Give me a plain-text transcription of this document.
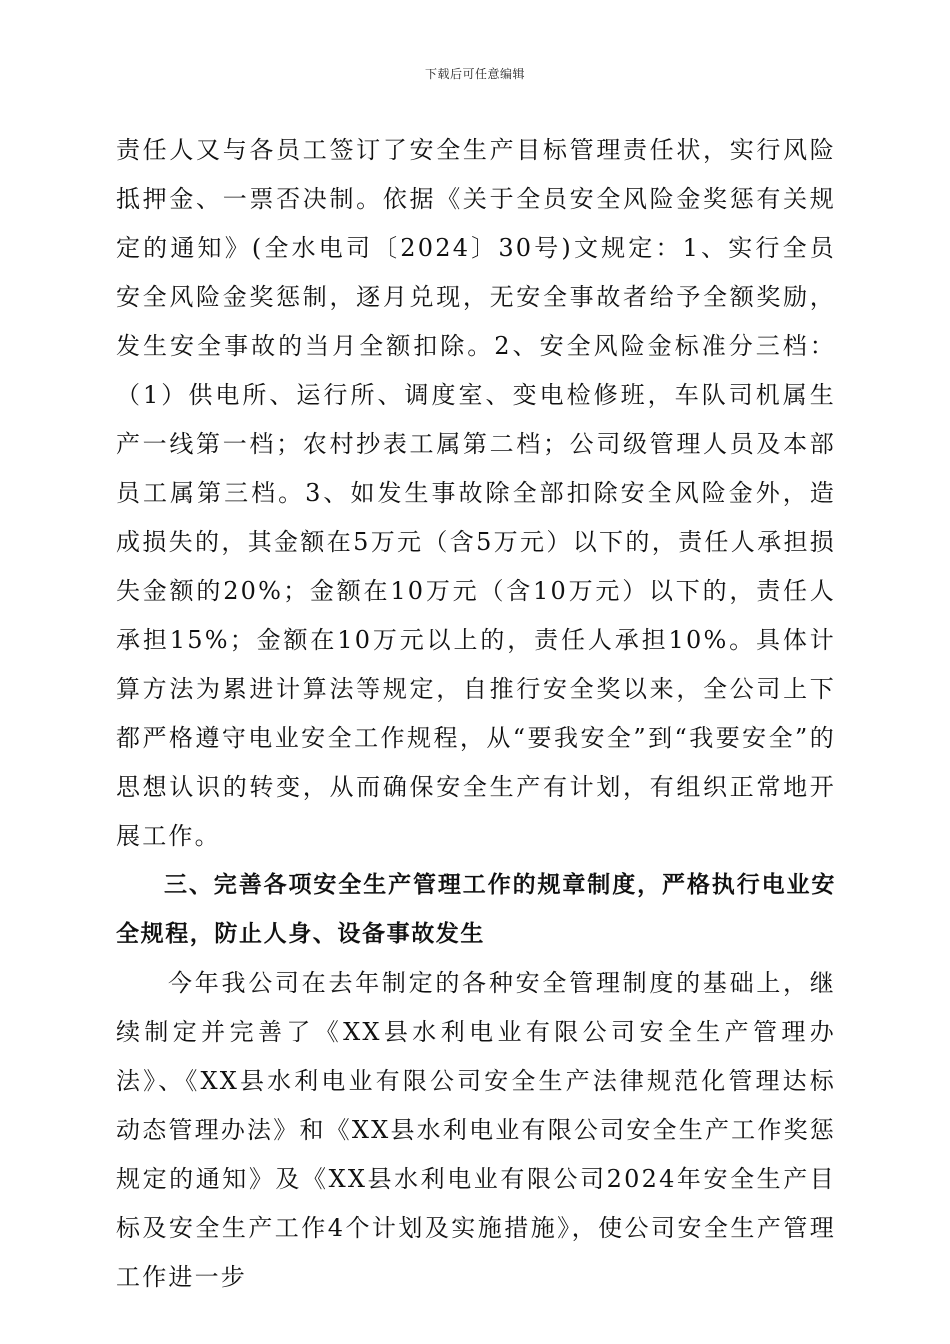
下载后可任意编辑

责任人又与各员工签订了安全生产目标管理责任状，实行风险抵押金、一票否决制。依据《关于全员安全风险金奖惩有关规定的通知》(全水电司〔2024〕30号)文规定：1、实行全员安全风险金奖惩制，逐月兑现，无安全事故者给予全额奖励，发生安全事故的当月全额扣除。2、安全风险金标准分三档：（1）供电所、运行所、调度室、变电检修班，车队司机属生产一线第一档；农村抄表工属第二档；公司级管理人员及本部员工属第三档。3、如发生事故除全部扣除安全风险金外，造成损失的，其金额在5万元（含5万元）以下的，责任人承担损失金额的20%；金额在10万元（含10万元）以下的，责任人承担15%；金额在10万元以上的，责任人承担10%。具体计算方法为累进计算法等规定，自推行安全奖以来，全公司上下都严格遵守电业安全工作规程，从“要我安全”到“我要安全”的思想认识的转变，从而确保安全生产有计划，有组织正常地开展工作。

三、完善各项安全生产管理工作的规章制度，严格执行电业安全规程，防止人身、设备事故发生

今年我公司在去年制定的各种安全管理制度的基础上，继续制定并完善了《XX县水利电业有限公司安全生产管理办法》、《XX县水利电业有限公司安全生产法律规范化管理达标动态管理办法》和《XX县水利电业有限公司安全生产工作奖惩规定的通知》及《XX县水利电业有限公司2024年安全生产目标及安全生产工作4个计划及实施措施》，使公司安全生产管理工作进一步
